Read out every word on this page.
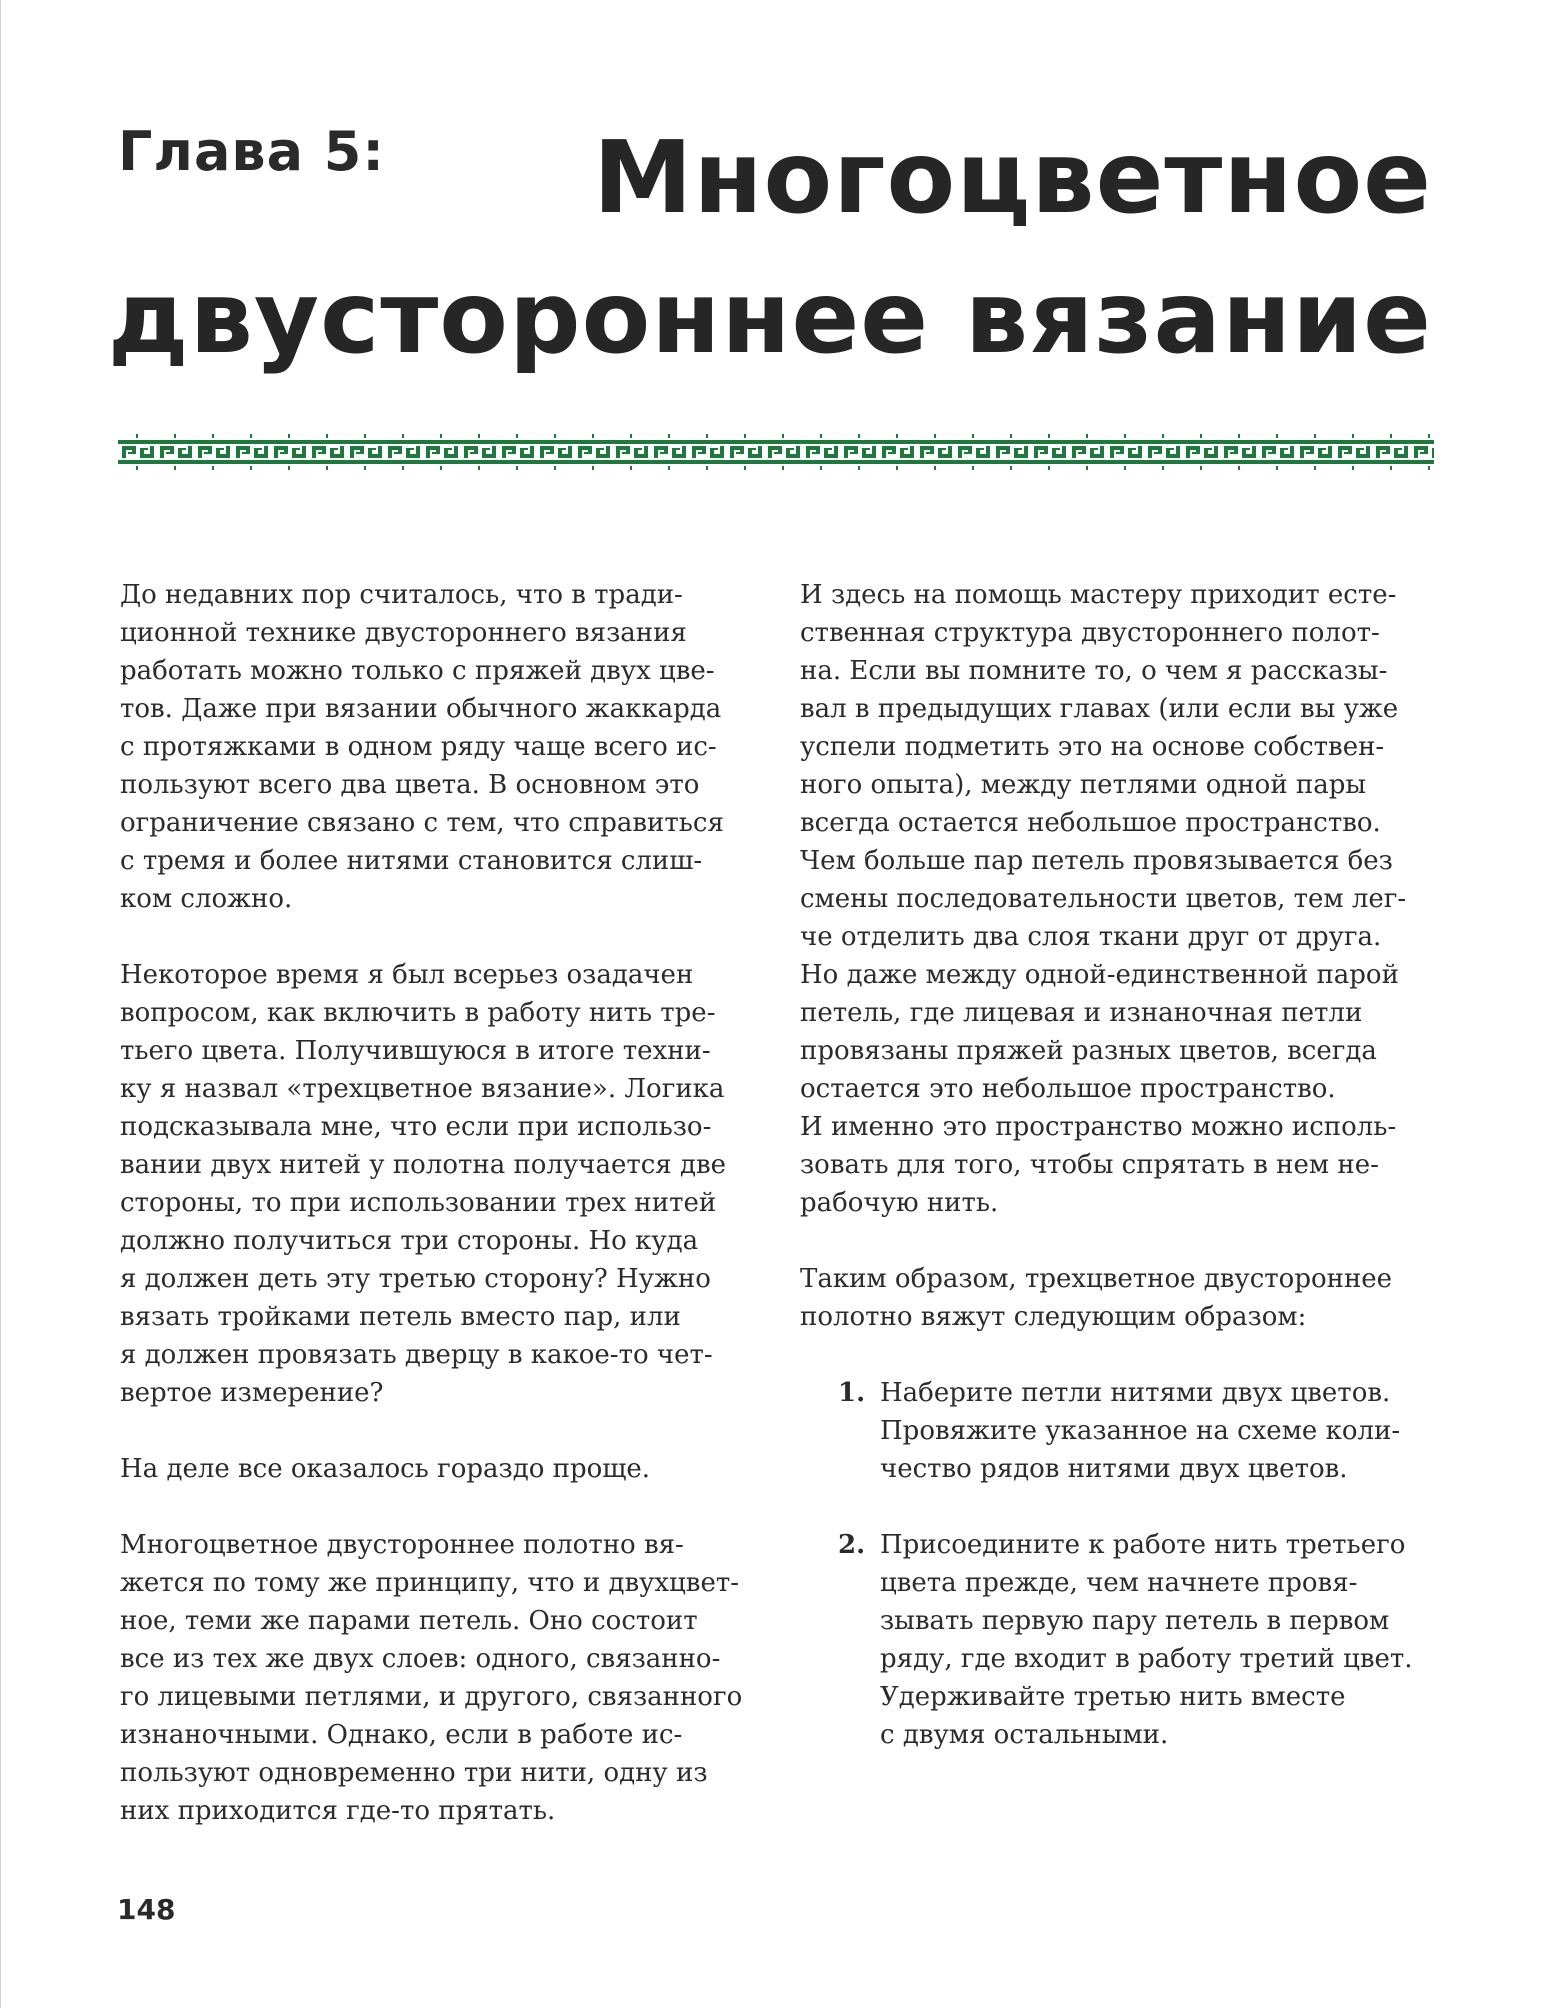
Глава 5:	Многоцветное
двустороннее вязание
До недавних пор считалось, что в тради-
ционной технике двустороннего вязания
работать можно только с пряжей двух цве-
тов. Даже при вязании обычного жаккарда
с протяжками в одном ряду чаще всего ис-
пользуют всего два цвета. В основном это
ограничение связано с тем, что справиться
с тремя и более нитями становится слиш-
ком сложно.
Некоторое время я был всерьез озадачен
вопросом, как включить в работу нить тре-
тьего цвета. Получившуюся в итоге техни-
ку я назвал «трехцветное вязание». Логика
подсказывала мне, что если при использо-
вании двух нитей у полотна получается две
стороны, то при использовании трех нитей
должно получиться три стороны. Но куда
я должен деть эту третью сторону? Нужно
вязать тройками петель вместо пар, или
я должен провязать дверцу в какое-то чет-
вертое измерение?
На деле все оказалось гораздо проще.
Многоцветное двустороннее полотно вя-
жется по тому же принципу, что и двухцвет-
ное, теми же парами петель. Оно состоит
все из тех же двух слоев: одного, связанно-
го лицевыми петлями, и другого, связанного
изнаночными. Однако, если в работе ис-
пользуют одновременно три нити, одну из
них приходится где-то прятать.
И здесь на помощь мастеру приходит есте-
ственная структура двустороннего полот-
на. Если вы помните то, о чем я рассказы-
вал в предыдущих главах (или если вы уже
успели подметить это на основе собствен-
ного опыта), между петлями одной пары
всегда остается небольшое пространство.
Чем больше пар петель провязывается без
смены последовательности цветов, тем лег-
че отделить два слоя ткани друг от друга.
Но даже между одной-единственной парой
петель, где лицевая и изнаночная петли
провязаны пряжей разных цветов, всегда
остается это небольшое пространство.
И именно это пространство можно исполь-
зовать для того, чтобы спрятать в нем не-
рабочую нить.
Таким образом, трехцветное двустороннее
полотно вяжут следующим образом:
1. Наберите петли нитями двух цветов.
Провяжите указанное на схеме коли-
чество рядов нитями двух цветов.
2. Присоедините к работе нить третьего
цвета прежде, чем начнете провя-
зывать первую пару петель в первом
ряду, где входит в работу третий цвет.
Удерживайте третью нить вместе
с двумя остальными.
148
